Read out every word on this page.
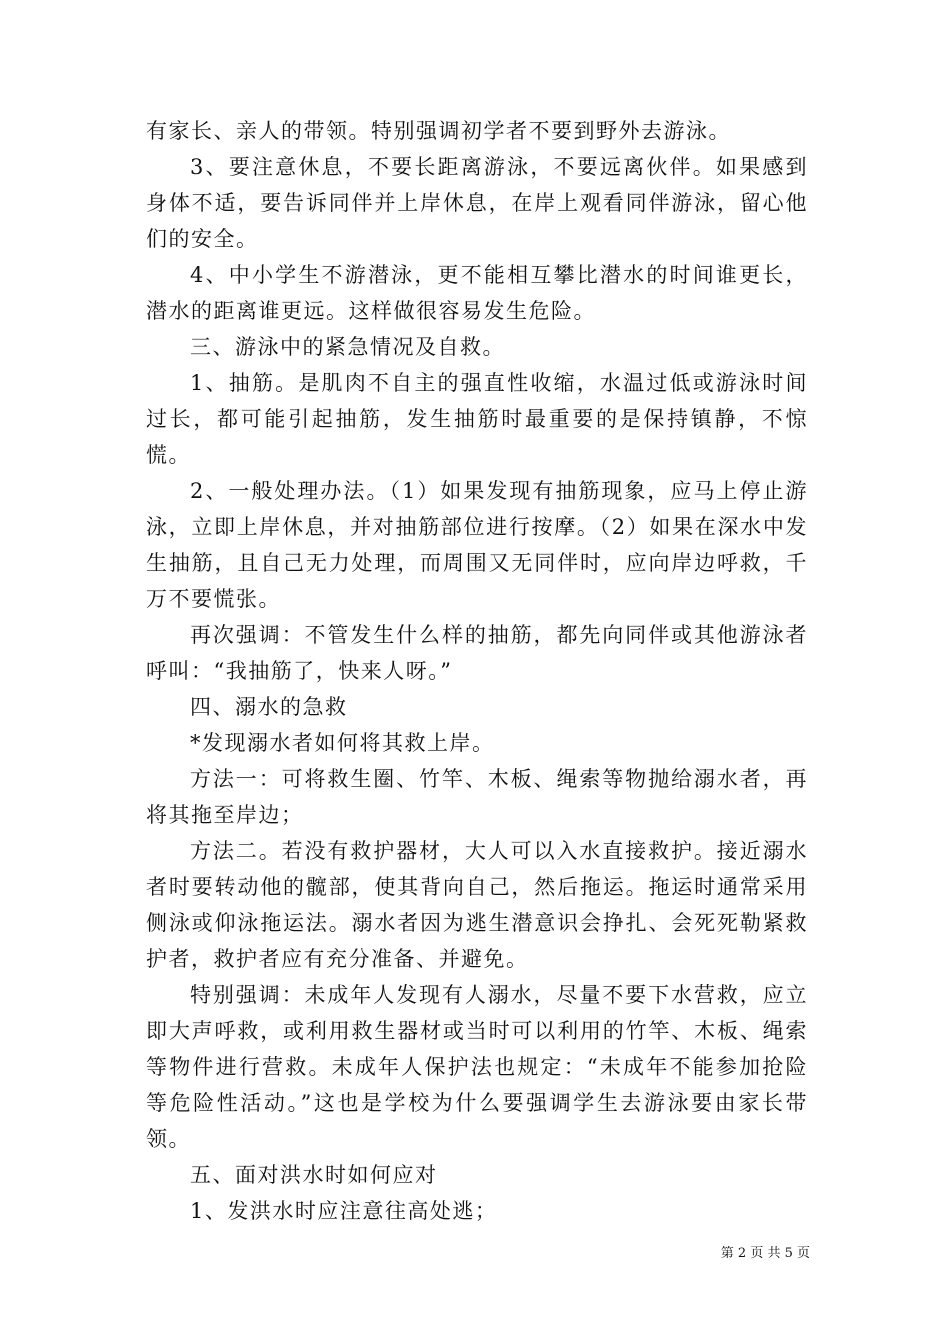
有家长、亲人的带领。特别强调初学者不要到野外去游泳。

3、要注意休息，不要长距离游泳，不要远离伙伴。如果感到身体不适，要告诉同伴并上岸休息，在岸上观看同伴游泳，留心他们的安全。

4、中小学生不游潜泳，更不能相互攀比潜水的时间谁更长，潜水的距离谁更远。这样做很容易发生危险。

三、游泳中的紧急情况及自救。

1、抽筋。是肌肉不自主的强直性收缩，水温过低或游泳时间过长，都可能引起抽筋，发生抽筋时最重要的是保持镇静，不惊慌。

2、一般处理办法。（1）如果发现有抽筋现象，应马上停止游泳，立即上岸休息，并对抽筋部位进行按摩。（2）如果在深水中发生抽筋，且自己无力处理，而周围又无同伴时，应向岸边呼救，千万不要慌张。

再次强调：不管发生什么样的抽筋，都先向同伴或其他游泳者呼叫：“我抽筋了，快来人呀。”

四、溺水的急救

*发现溺水者如何将其救上岸。

方法一：可将救生圈、竹竿、木板、绳索等物抛给溺水者，再将其拖至岸边；

方法二。若没有救护器材，大人可以入水直接救护。接近溺水者时要转动他的髋部，使其背向自己，然后拖运。拖运时通常采用侧泳或仰泳拖运法。溺水者因为逃生潜意识会挣扎、会死死勒紧救护者，救护者应有充分准备、并避免。

特别强调：未成年人发现有人溺水，尽量不要下水营救，应立即大声呼救，或利用救生器材或当时可以利用的竹竿、木板、绳索等物件进行营救。未成年人保护法也规定：“未成年不能参加抢险等危险性活动。”这也是学校为什么要强调学生去游泳要由家长带领。

五、面对洪水时如何应对

1、发洪水时应注意往高处逃；

第 2 页 共 5 页
